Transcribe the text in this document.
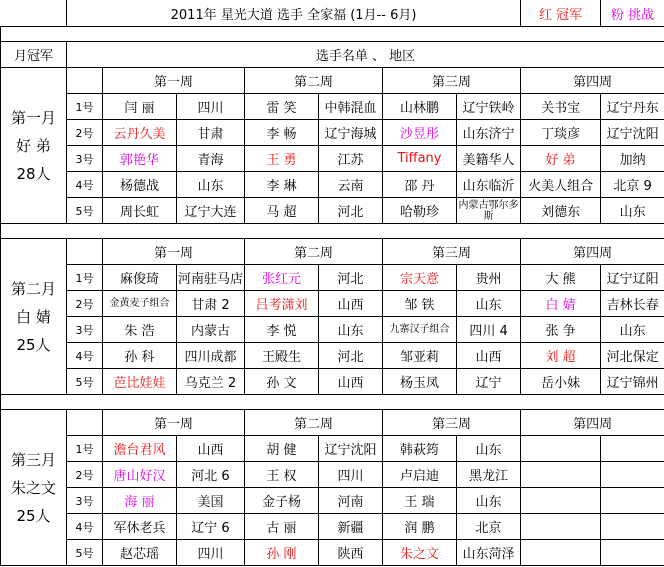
	2011年 星光大道 选手 全家福 (1月-- 6月)							红 冠军	粉 挑战

月冠军	选手名单 、 地区								

第一月
好 弟
28人		第一周		第二周		第三周		第四周	
	1号	闫 丽	四川	雷 笑	中韩混血	山林鹏	辽宁铁岭	关书宝	辽宁丹东
	2号	云丹久美	甘肃	李 畅	辽宁海城	沙昱彤	山东济宁	丁琰彦	辽宁沈阳
	3号	郭艳华	青海	王 勇	江苏	Tiffany	美籍华人	好 弟	加纳
	4号	杨德战	山东	李 琳	云南	邵 丹	山东临沂	火美人组合	北京 9
	5号	周长虹	辽宁大连	马 超	河北	哈勒珍	内蒙古鄂尔多斯	刘德东	山东

第二月
白 婧
25人		第一周		第二周		第三周		第四周	
	1号	麻俊琦	河南驻马店	张红元	河北	宗天意	贵州	大 熊	辽宁辽阳
	2号	金黄麦子组合	甘肃 2	吕考潇刘	山西	邹 铁	山东	白 婧	吉林长春
	3号	朱 浩	内蒙古	李 悦	山东	九寨汉子组合	四川 4	张 争	山东
	4号	孙 科	四川成都	王殿生	河北	邹亚莉	山西	刘 超	河北保定
	5号	芭比娃娃	乌克兰 2	孙 文	山西	杨玉凤	辽宁	岳小妹	辽宁锦州

第三月
朱之文
25人		第一周		第二周		第三周		第四周	
	1号	澹台君风	山西	胡 健	辽宁沈阳	韩萩筠	山东		
	2号	唐山好汉	河北 6	王 权	四川	卢启迪	黑龙江		
	3号	海 丽	美国	金子杨	河南	王 瑞	山东		
	4号	军休老兵	辽宁 6	古 丽	新疆	润 鹏	北京		
	5号	赵芯瑶	四川	孙 刚	陕西	朱之文	山东菏泽		
